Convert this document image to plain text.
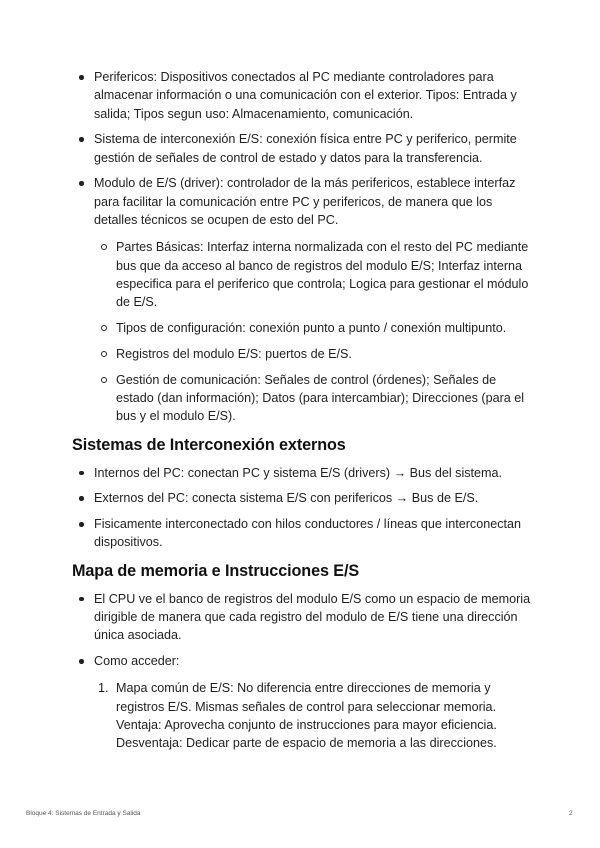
Perifericos: Dispositivos conectados al PC mediante controladores para almacenar información o una comunicación con el exterior. Tipos: Entrada y salida; Tipos segun uso: Almacenamiento, comunicación.
Sistema de interconexión E/S: conexión física entre PC y periferico, permite gestión de señales de control de estado y datos para la transferencia.
Modulo de E/S (driver): controlador de la más perifericos, establece interfaz para facilitar la comunicación entre PC y perifericos, de manera que los detalles técnicos se ocupen de esto del PC.
Partes Básicas: Interfaz interna normalizada con el resto del PC mediante bus que da acceso al banco de registros del modulo E/S; Interfaz interna especifica para el periferico que controla; Logica para gestionar el módulo de E/S.
Tipos de configuración: conexión punto a punto / conexión multipunto.
Registros del modulo E/S: puertos de E/S.
Gestión de comunicación: Señales de control (órdenes); Señales de estado (dan información); Datos (para intercambiar); Direcciones (para el bus y el modulo E/S).
Sistemas de Interconexión externos
Internos del PC: conectan PC y sistema E/S (drivers) → Bus del sistema.
Externos del PC: conecta sistema E/S con perifericos → Bus de E/S.
Fisicamente interconectado con hilos conductores / líneas que interconectan dispositivos.
Mapa de memoria e Instrucciones E/S
El CPU ve el banco de registros del modulo E/S como un espacio de memoria dirigible de manera que cada registro del modulo de E/S tiene una dirección única asociada.
Como acceder:
1. Mapa común de E/S: No diferencia entre direcciones de memoria y registros E/S. Mismas señales de control para seleccionar memoria.
Ventaja: Aprovecha conjunto de instrucciones para mayor eficiencia.
Desventaja: Dedicar parte de espacio de memoria a las direcciones.
Bloque 4: Sistemas de Entrada y Salida	2
